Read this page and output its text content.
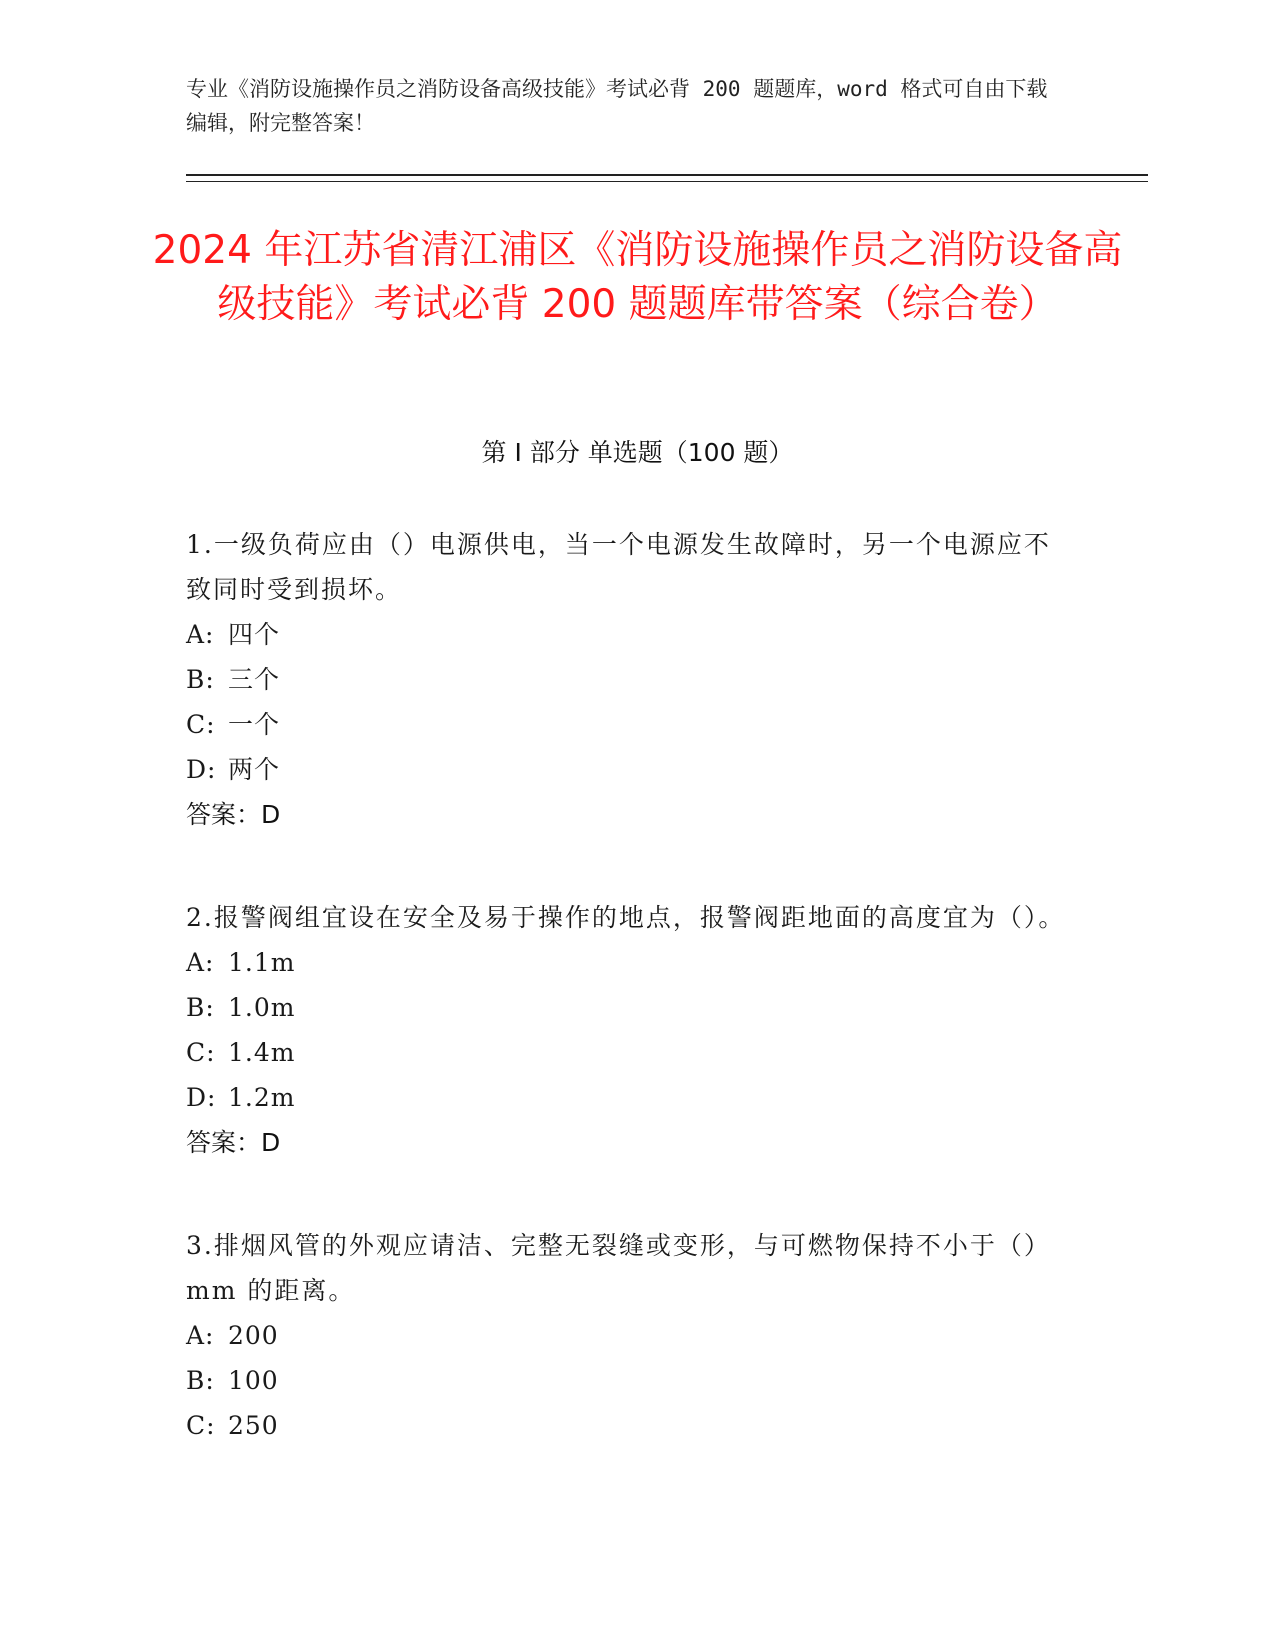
专业《消防设施操作员之消防设备高级技能》考试必背 200 题题库，word 格式可自由下载编辑，附完整答案！
2024 年江苏省清江浦区《消防设施操作员之消防设备高级技能》考试必背 200 题题库带答案（综合卷）
第 I 部分 单选题（100 题）
1.一级负荷应由（）电源供电，当一个电源发生故障时，另一个电源应不致同时受到损坏。
A: 四个
B: 三个
C: 一个
D: 两个
答案：D
2.报警阀组宜设在安全及易于操作的地点，报警阀距地面的高度宜为（）。
A: 1.1m
B: 1.0m
C: 1.4m
D: 1.2m
答案：D
3.排烟风管的外观应请洁、完整无裂缝或变形，与可燃物保持不小于（）mm 的距离。
A: 200
B: 100
C: 250
